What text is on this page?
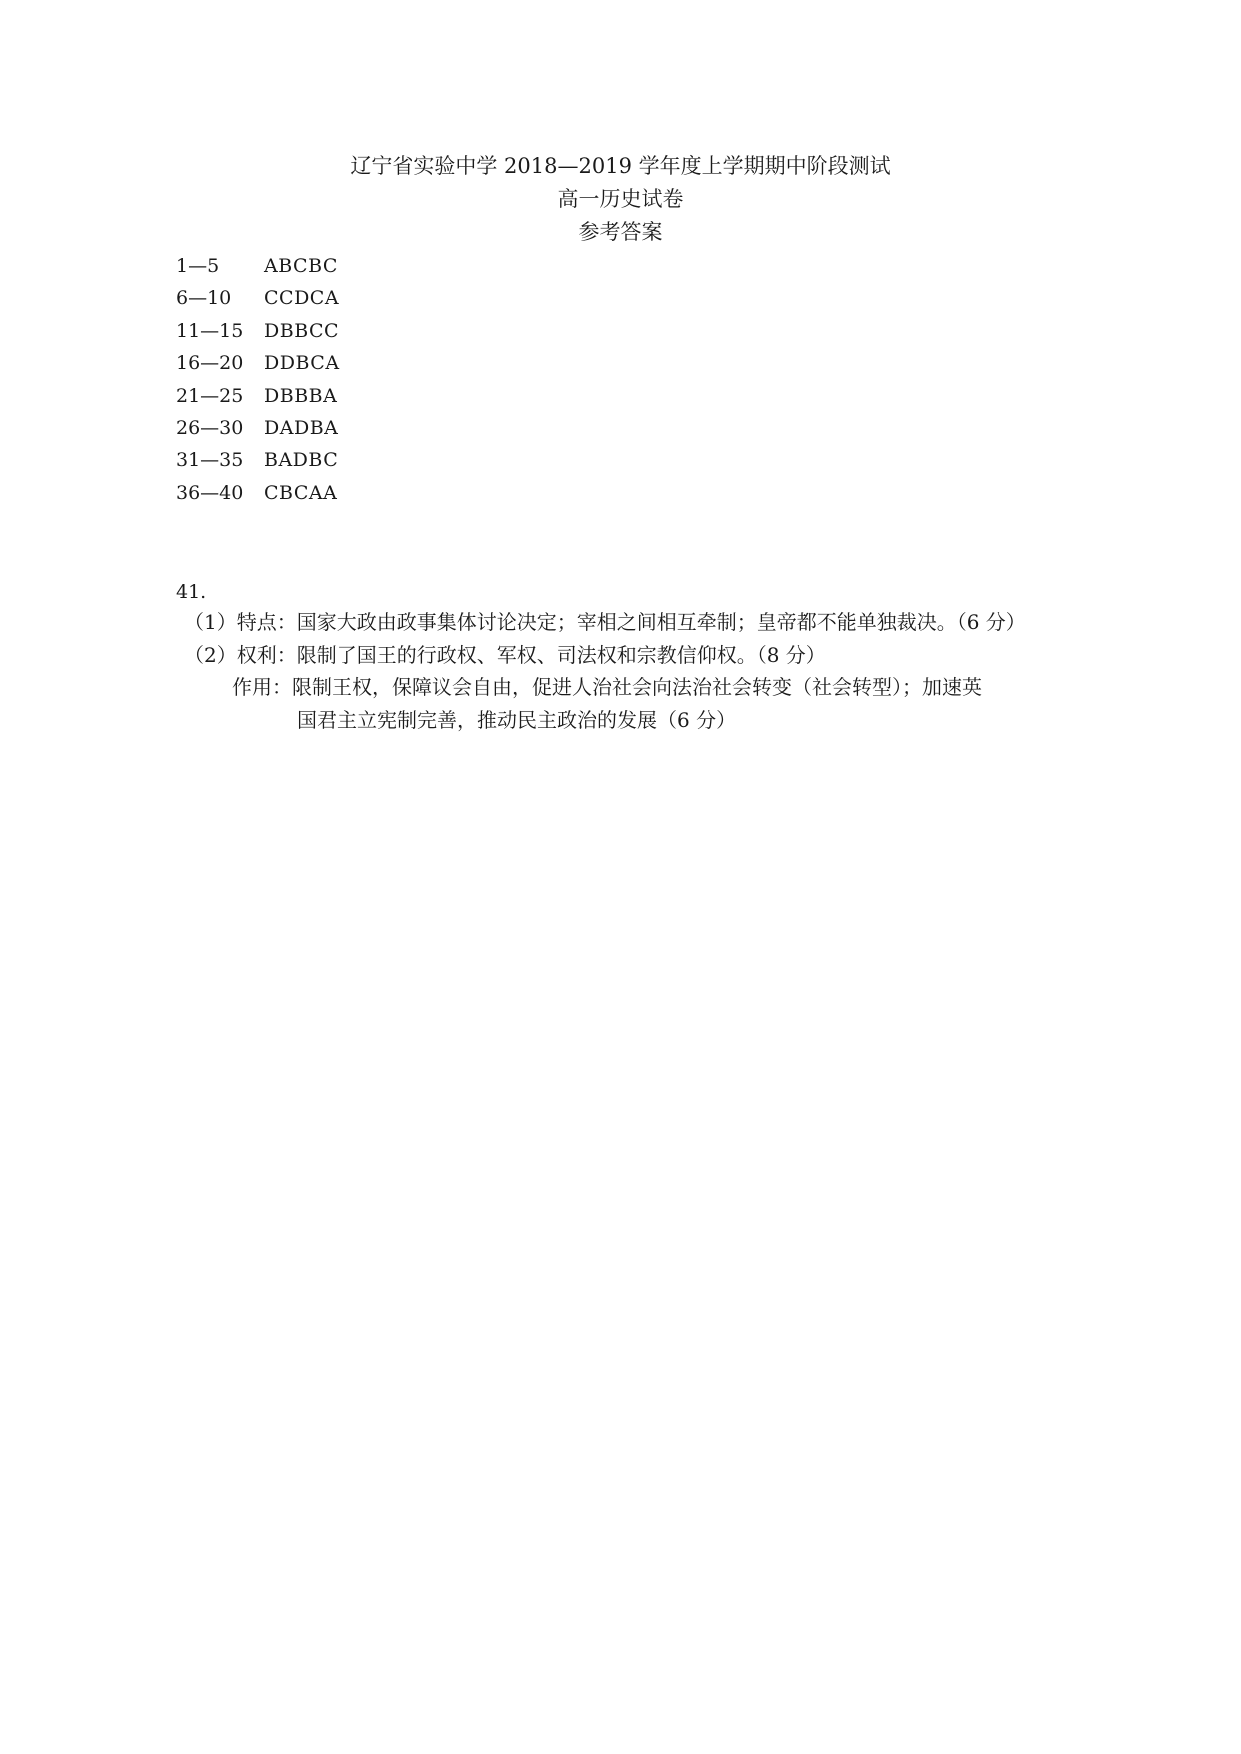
辽宁省实验中学 2018—2019 学年度上学期期中阶段测试
高一历史试卷
参考答案
1—5	ABCBC
6—10	CCDCA
11—15	DBBCC
16—20	DDBCA
21—25	DBBBA
26—30	DADBA
31—35	BADBC
36—40	CBCAA
41.
（1）特点：国家大政由政事集体讨论决定；宰相之间相互牵制；皇帝都不能单独裁决。（6 分）
（2）权利：限制了国王的行政权、军权、司法权和宗教信仰权。（8 分）
作用：限制王权，保障议会自由，促进人治社会向法治社会转变（社会转型）；加速英
国君主立宪制完善，推动民主政治的发展（6 分）
